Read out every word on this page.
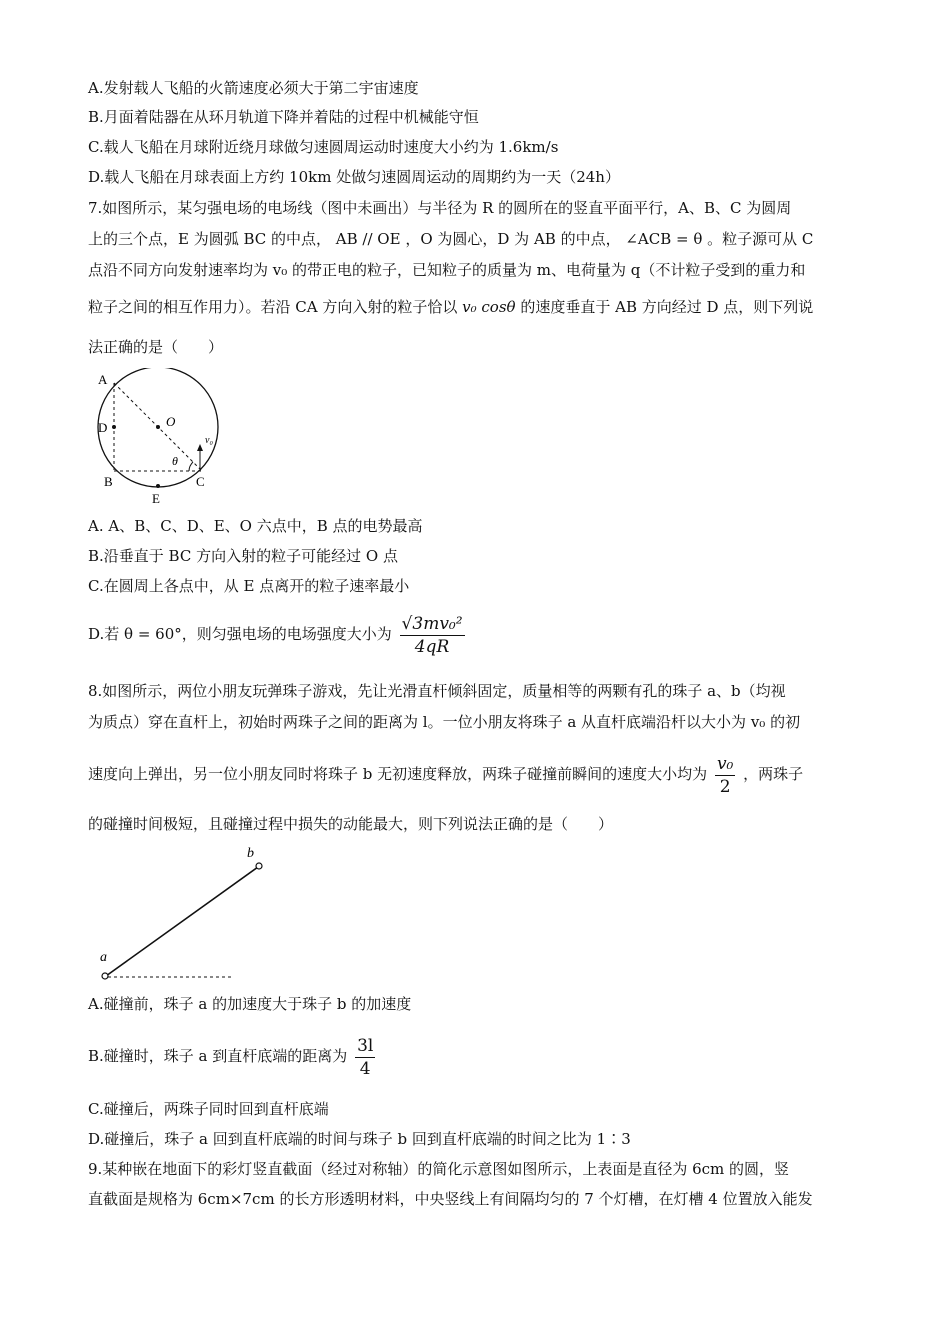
A.发射载人飞船的火箭速度必须大于第二宇宙速度
B.月面着陆器在从环月轨道下降并着陆的过程中机械能守恒
C.载人飞船在月球附近绕月球做匀速圆周运动时速度大小约为 1.6km/s
D.载人飞船在月球表面上方约 10km 处做匀速圆周运动的周期约为一天（24h）
7.如图所示，某匀强电场的电场线（图中未画出）与半径为 R 的圆所在的竖直平面平行，A、B、C 为圆周
上的三个点，E 为圆弧 BC 的中点， AB // OE ，O 为圆心，D 为 AB 的中点， ∠ACB = θ 。粒子源可从 C
点沿不同方向发射速率均为 v₀ 的带正电的粒子，已知粒子的质量为 m、电荷量为 q（不计粒子受到的重力和
粒子之间的相互作用力）。若沿 CA 方向入射的粒子恰以 v₀ cosθ 的速度垂直于 AB 方向经过 D 点，则下列说
法正确的是（　　）
A
D
B	C
E
O
θ
v₀
A. A、B、C、D、E、O 六点中，B 点的电势最高
B.沿垂直于 BC 方向入射的粒子可能经过 O 点
C.在圆周上各点中，从 E 点离开的粒子速率最小
D.若 θ = 60°，则匀强电场的电场强度大小为 $\frac{\text{√3mv₀²}}{4qR}$
8.如图所示，两位小朋友玩弹珠子游戏，先让光滑直杆倾斜固定，质量相等的两颗有孔的珠子 a、b（均视
为质点）穿在直杆上，初始时两珠子之间的距离为 l。一位小朋友将珠子 a 从直杆底端沿杆以大小为 v₀ 的初
速度向上弹出，另一位小朋友同时将珠子 b 无初速度释放，两珠子碰撞前瞬间的速度大小均为 $\frac{\text{v₀}}{2}$ ，两珠子
的碰撞时间极短，且碰撞过程中损失的动能最大，则下列说法正确的是（　　）
a
b
A.碰撞前，珠子 a 的加速度大于珠子 b 的加速度
B.碰撞时，珠子 a 到直杆底端的距离为 $\frac{3l}{4}$
C.碰撞后，两珠子同时回到直杆底端
D.碰撞后，珠子 a 回到直杆底端的时间与珠子 b 回到直杆底端的时间之比为 1∶3
9.某种嵌在地面下的彩灯竖直截面（经过对称轴）的简化示意图如图所示，上表面是直径为 6cm 的圆，竖
直截面是规格为 6cm×7cm 的长方形透明材料，中央竖线上有间隔均匀的 7 个灯槽，在灯槽 4 位置放入能发
